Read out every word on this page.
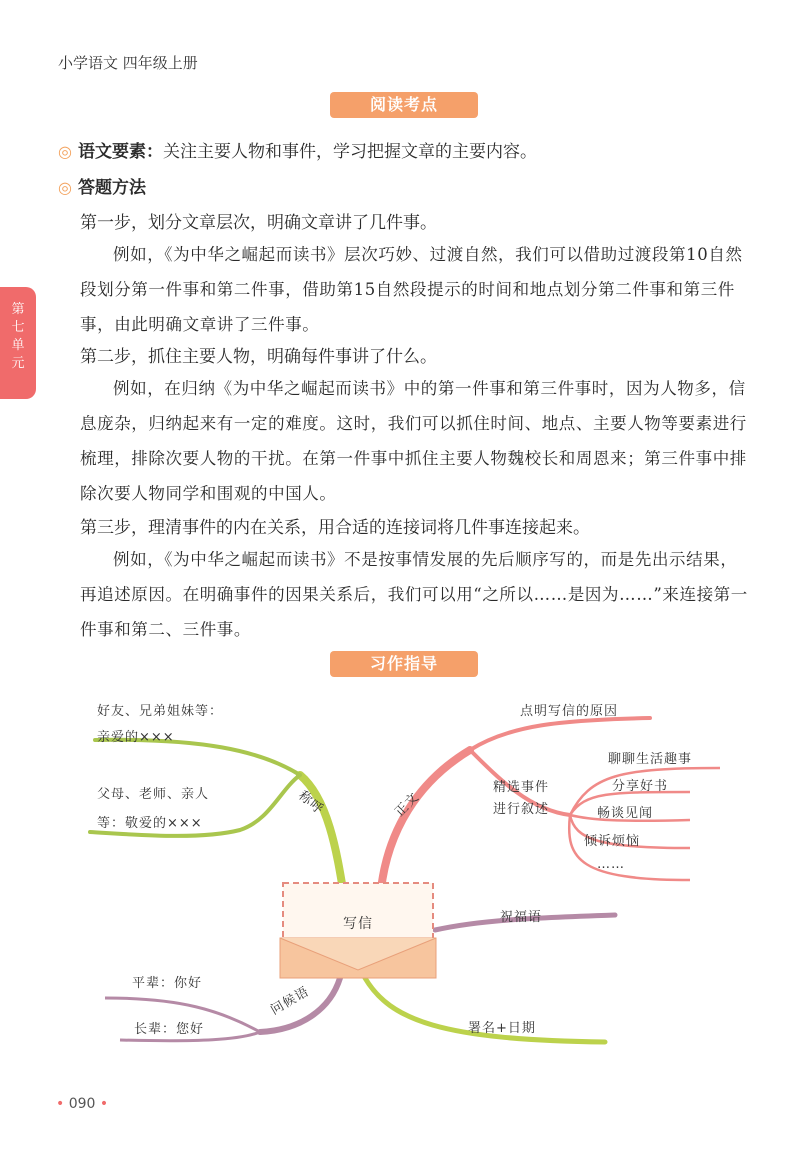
小学语文 四年级上册
第七单元
阅读考点
◎ 语文要素：关注主要人物和事件，学习把握文章的主要内容。
◎ 答题方法
第一步，划分文章层次，明确文章讲了几件事。

例如，《为中华之崛起而读书》层次巧妙、过渡自然，我们可以借助过渡段第10自然段划分第一件事和第二件事，借助第15自然段提示的时间和地点划分第二件事和第三件事，由此明确文章讲了三件事。

第二步，抓住主要人物，明确每件事讲了什么。

例如，在归纳《为中华之崛起而读书》中的第一件事和第三件事时，因为人物多，信息庞杂，归纳起来有一定的难度。这时，我们可以抓住时间、地点、主要人物等要素进行梳理，排除次要人物的干扰。在第一件事中抓住主要人物魏校长和周恩来；第三件事中排除次要人物同学和围观的中国人。

第三步，理清事件的内在关系，用合适的连接词将几件事连接起来。

例如，《为中华之崛起而读书》不是按事情发展的先后顺序写的，而是先出示结果，再追述原因。在明确事件的因果关系后，我们可以用“之所以……是因为……”来连接第一件事和第二、三件事。

习作指导
写信
称呼
好友、兄弟姐妹等：
亲爱的×××
父母、老师、亲人
等：敬爱的×××
正文
点明写信的原因
精选事件
进行叙述
聊聊生活趣事
分享好书
畅谈见闻
倾诉烦恼
……
祝福语
问候语
平辈：你好
长辈：您好	署名+日期
• 090 •
